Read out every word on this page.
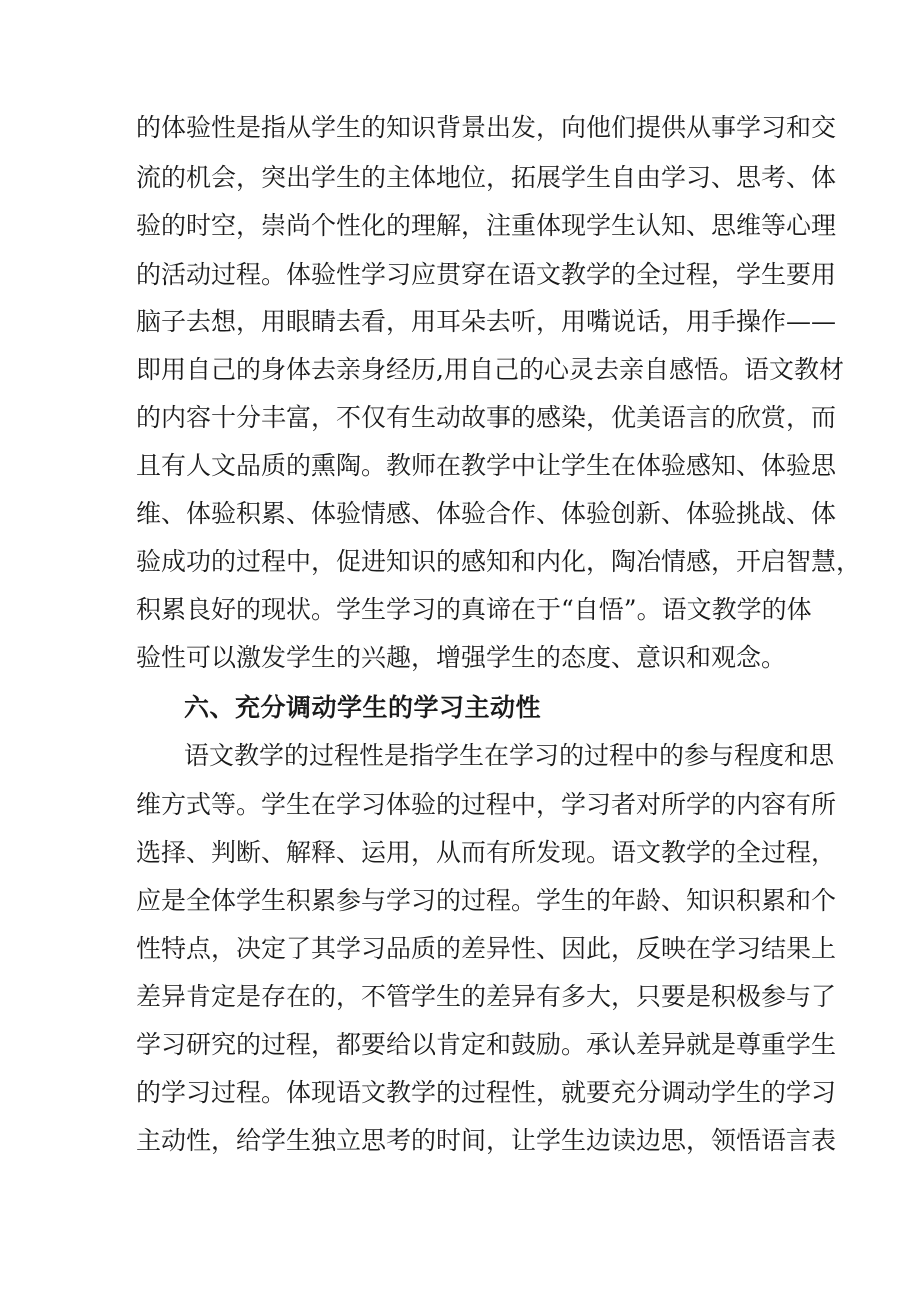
的体验性是指从学生的知识背景出发，向他们提供从事学习和交
流的机会，突出学生的主体地位，拓展学生自由学习、思考、体
验的时空，崇尚个性化的理解，注重体现学生认知、思维等心理
的活动过程。体验性学习应贯穿在语文教学的全过程，学生要用
脑子去想，用眼睛去看，用耳朵去听，用嘴说话，用手操作——
即用自己的身体去亲身经历,用自己的心灵去亲自感悟。语文教材
的内容十分丰富，不仅有生动故事的感染，优美语言的欣赏，而
且有人文品质的熏陶。教师在教学中让学生在体验感知、体验思
维、体验积累、体验情感、体验合作、体验创新、体验挑战、体
验成功的过程中，促进知识的感知和内化，陶冶情感，开启智慧，
积累良好的现状。学生学习的真谛在于“自悟”。语文教学的体
验性可以激发学生的兴趣，增强学生的态度、意识和观念。
六、充分调动学生的学习主动性
语文教学的过程性是指学生在学习的过程中的参与程度和思
维方式等。学生在学习体验的过程中，学习者对所学的内容有所
选择、判断、解释、运用，从而有所发现。语文教学的全过程，
应是全体学生积累参与学习的过程。学生的年龄、知识积累和个
性特点，决定了其学习品质的差异性、因此，反映在学习结果上
差异肯定是存在的，不管学生的差异有多大，只要是积极参与了
学习研究的过程，都要给以肯定和鼓励。承认差异就是尊重学生
的学习过程。体现语文教学的过程性，就要充分调动学生的学习
主动性，给学生独立思考的时间，让学生边读边思，领悟语言表
